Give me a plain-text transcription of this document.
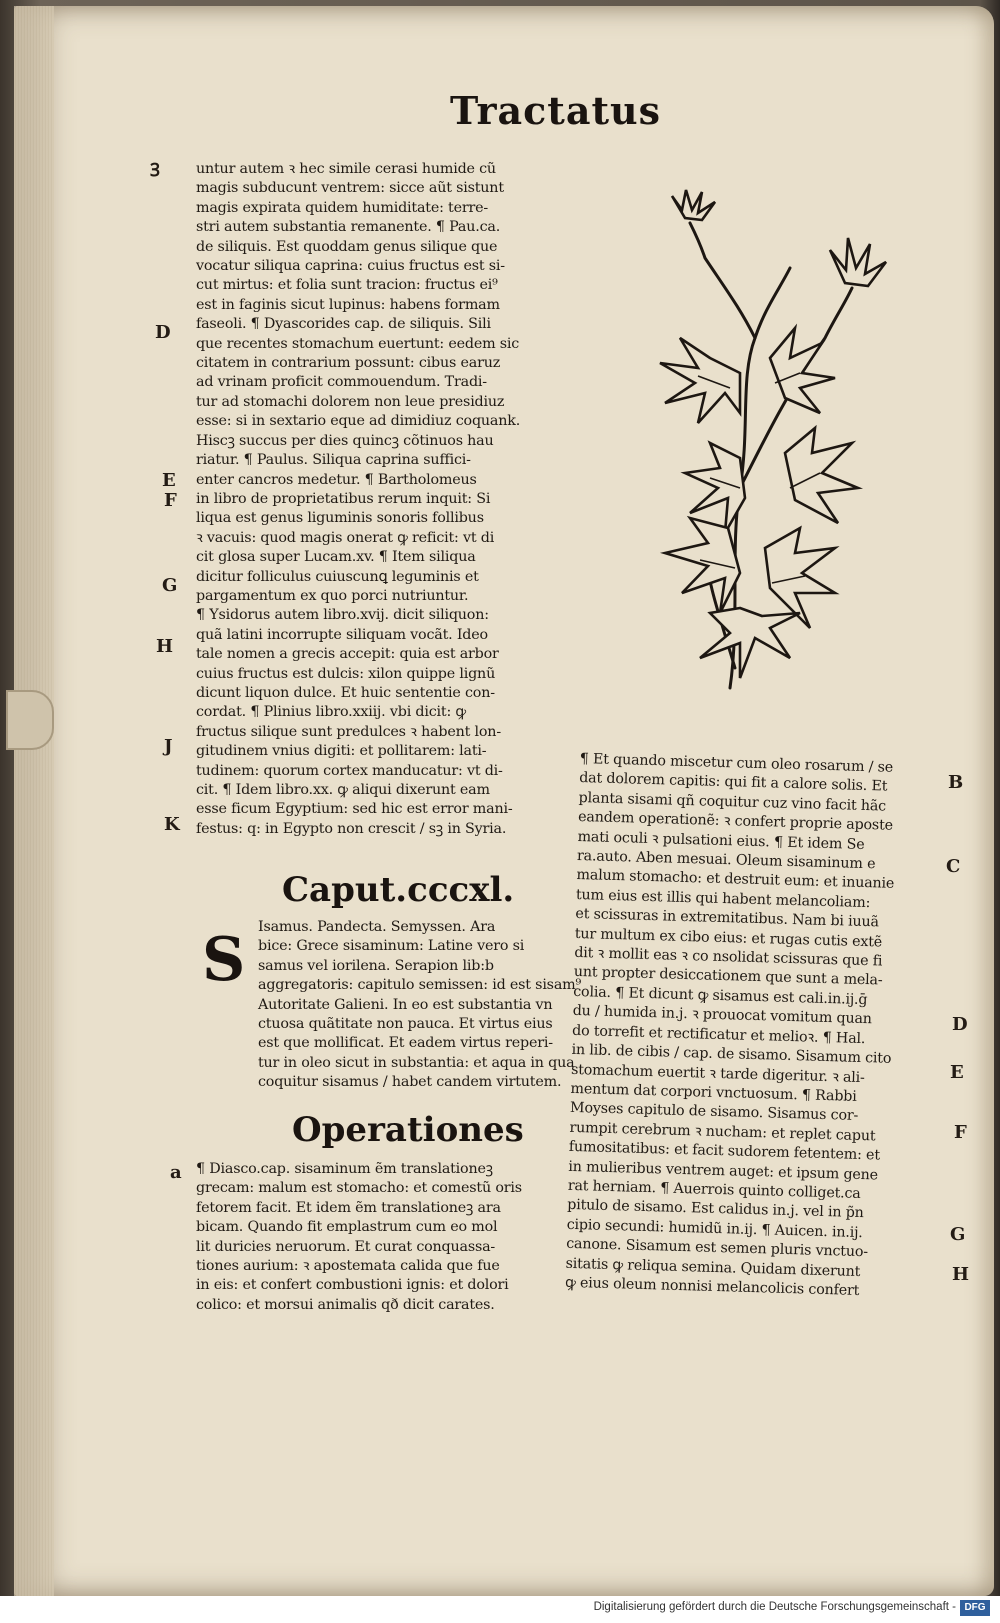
Tractatus

untur autem ꝛ hec simile cerasi humide cũ

magis subducunt ventrem: sicce aũt sistunt

magis expirata quidem humiditate: terre-

stri autem substantia remanente. ¶ Pau.ca.

de siliquis. Est quoddam genus silique que

vocatur siliqua caprina: cuius fructus est si-

cut mirtus: et folia sunt tracion: fructus ei⁹

est in faginis sicut lupinus: habens formam

faseoli. ¶ Dyascorides cap. de siliquis. Sili

que recentes stomachum euertunt: eedem sic

citatem in contrarium possunt: cibus earuz

ad vrinam proficit commouendum. Tradi-

tur ad stomachi dolorem non leue presidiuz

esse: si in sextario eque ad dimidiuz coquank.

Hiscꝫ succus per dies quincꝫ cõtinuos hau

riatur. ¶ Paulus. Siliqua caprina suffici-

enter cancros medetur. ¶ Bartholomeus

in libro de proprietatibus rerum inquit: Si

liqua est genus liguminis sonoris follibus

ꝛ vacuis: quod magis onerat ꝙ reficit: vt di

cit glosa super Lucam.xv. ¶ Item siliqua

dicitur folliculus cuiuscunꝗ leguminis et

pargamentum ex quo porci nutriuntur.

¶ Ysidorus autem libro.xvij. dicit siliquon:

quã latini incorrupte siliquam vocãt. Ideo

tale nomen a grecis accepit: quia est arbor

cuius fructus est dulcis: xilon quippe lignũ

dicunt liquon dulce. Et huic sententie con-

cordat. ¶ Plinius libro.xxiij. vbi dicit: ꝙ

fructus silique sunt predulces ꝛ habent lon-

gitudinem vnius digiti: et pollitarem: lati-

tudinem: quorum cortex manducatur: vt di-

cit. ¶ Idem libro.xx. ꝙ aliqui dixerunt eam

esse ficum Egyptium: sed hic est error mani-

festus: q: in Egypto non crescit / sꝫ in Syria.

Caput.cccxl.
S Isamus. Pandecta. Semyssen. Ara

bice: Grece sisaminum: Latine vero si

samus vel iorilena. Serapion lib:b

aggregatoris: capitulo semissen: id est sisam⁹

Autoritate Galieni. In eo est substantia vn

ctuosa quãtitate non pauca. Et virtus eius

est que mollificat. Et eadem virtus reperi-

tur in oleo sicut in substantia: et aqua in qua

coquitur sisamus / habet candem virtutem.

Operationes

¶ Diasco.cap. sisaminum ẽm translationeꝫ

grecam: malum est stomacho: et comestũ oris

fetorem facit. Et idem ẽm translationeꝫ ara

bicam. Quando fit emplastrum cum eo mol

lit duricies neruorum. Et curat conquassa-

tiones aurium: ꝛ apostemata calida que fue

in eis: et confert combustioni ignis: et dolori

colico: et morsui animalis qð dicit carates.

¶ Et quando miscetur cum oleo rosarum / se

dat dolorem capitis: qui fit a calore solis. Et

planta sisami qñ coquitur cuz vino facit hãc

eandem operationẽ: ꝛ confert proprie aposte

mati oculi ꝛ pulsationi eius. ¶ Et idem Se

ra.auto. Aben mesuai. Oleum sisaminum e

malum stomacho: et destruit eum: et inuanie

tum eius est illis qui habent melancoliam:

et scissuras in extremitatibus. Nam bi iuuã

tur multum ex cibo eius: et rugas cutis extẽ

dit ꝛ mollit eas ꝛ co nsolidat scissuras que fi

unt propter desiccationem que sunt a mela-

colia. ¶ Et dicunt ꝙ sisamus est cali.in.ij.ḡ

du / humida in.j. ꝛ prouocat vomitum quan

do torrefit et rectificatur et melioꝛ. ¶ Hal.

in lib. de cibis / cap. de sisamo. Sisamum cito

stomachum euertit ꝛ tarde digeritur. ꝛ ali-

mentum dat corpori vnctuosum. ¶ Rabbi

Moyses capitulo de sisamo. Sisamus cor-

rumpit cerebrum ꝛ nucham: et replet caput

fumositatibus: et facit sudorem fetentem: et

in mulieribus ventrem auget: et ipsum gene

rat herniam. ¶ Auerrois quinto colliget.ca

pitulo de sisamo. Est calidus in.j. vel in p̃n

cipio secundi: humidũ in.ij. ¶ Auicen. in.ij.

canone. Sisamum est semen pluris vnctuo-

sitatis ꝙ reliqua semina. Quidam dixerunt

ꝙ eius oleum nonnisi melancolicis confert

Ꝫ
D
E
F
G
H
J
K
a
B
C
D
E
F
G
H
Digitalisierung gefördert durch die Deutsche Forschungsgemeinschaft - DFG
